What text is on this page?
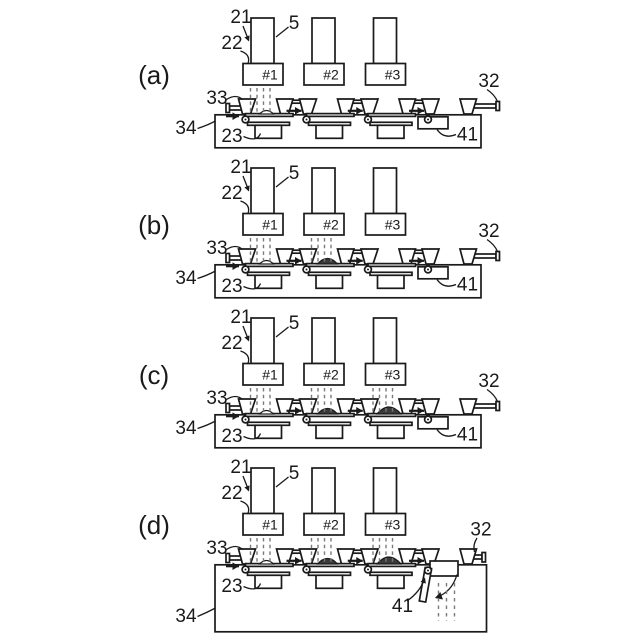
#1	#2	#3
(a)
21 5
22
33
23
34	41
32
#1	#2	#3
(b)
21 5
22
33
23
34	41
32
#1	#2	#3
(c)
21 5
22
33
23
34	41
32
#1	#2	#3
(d)
21 5
22
33
23
34	41
32
